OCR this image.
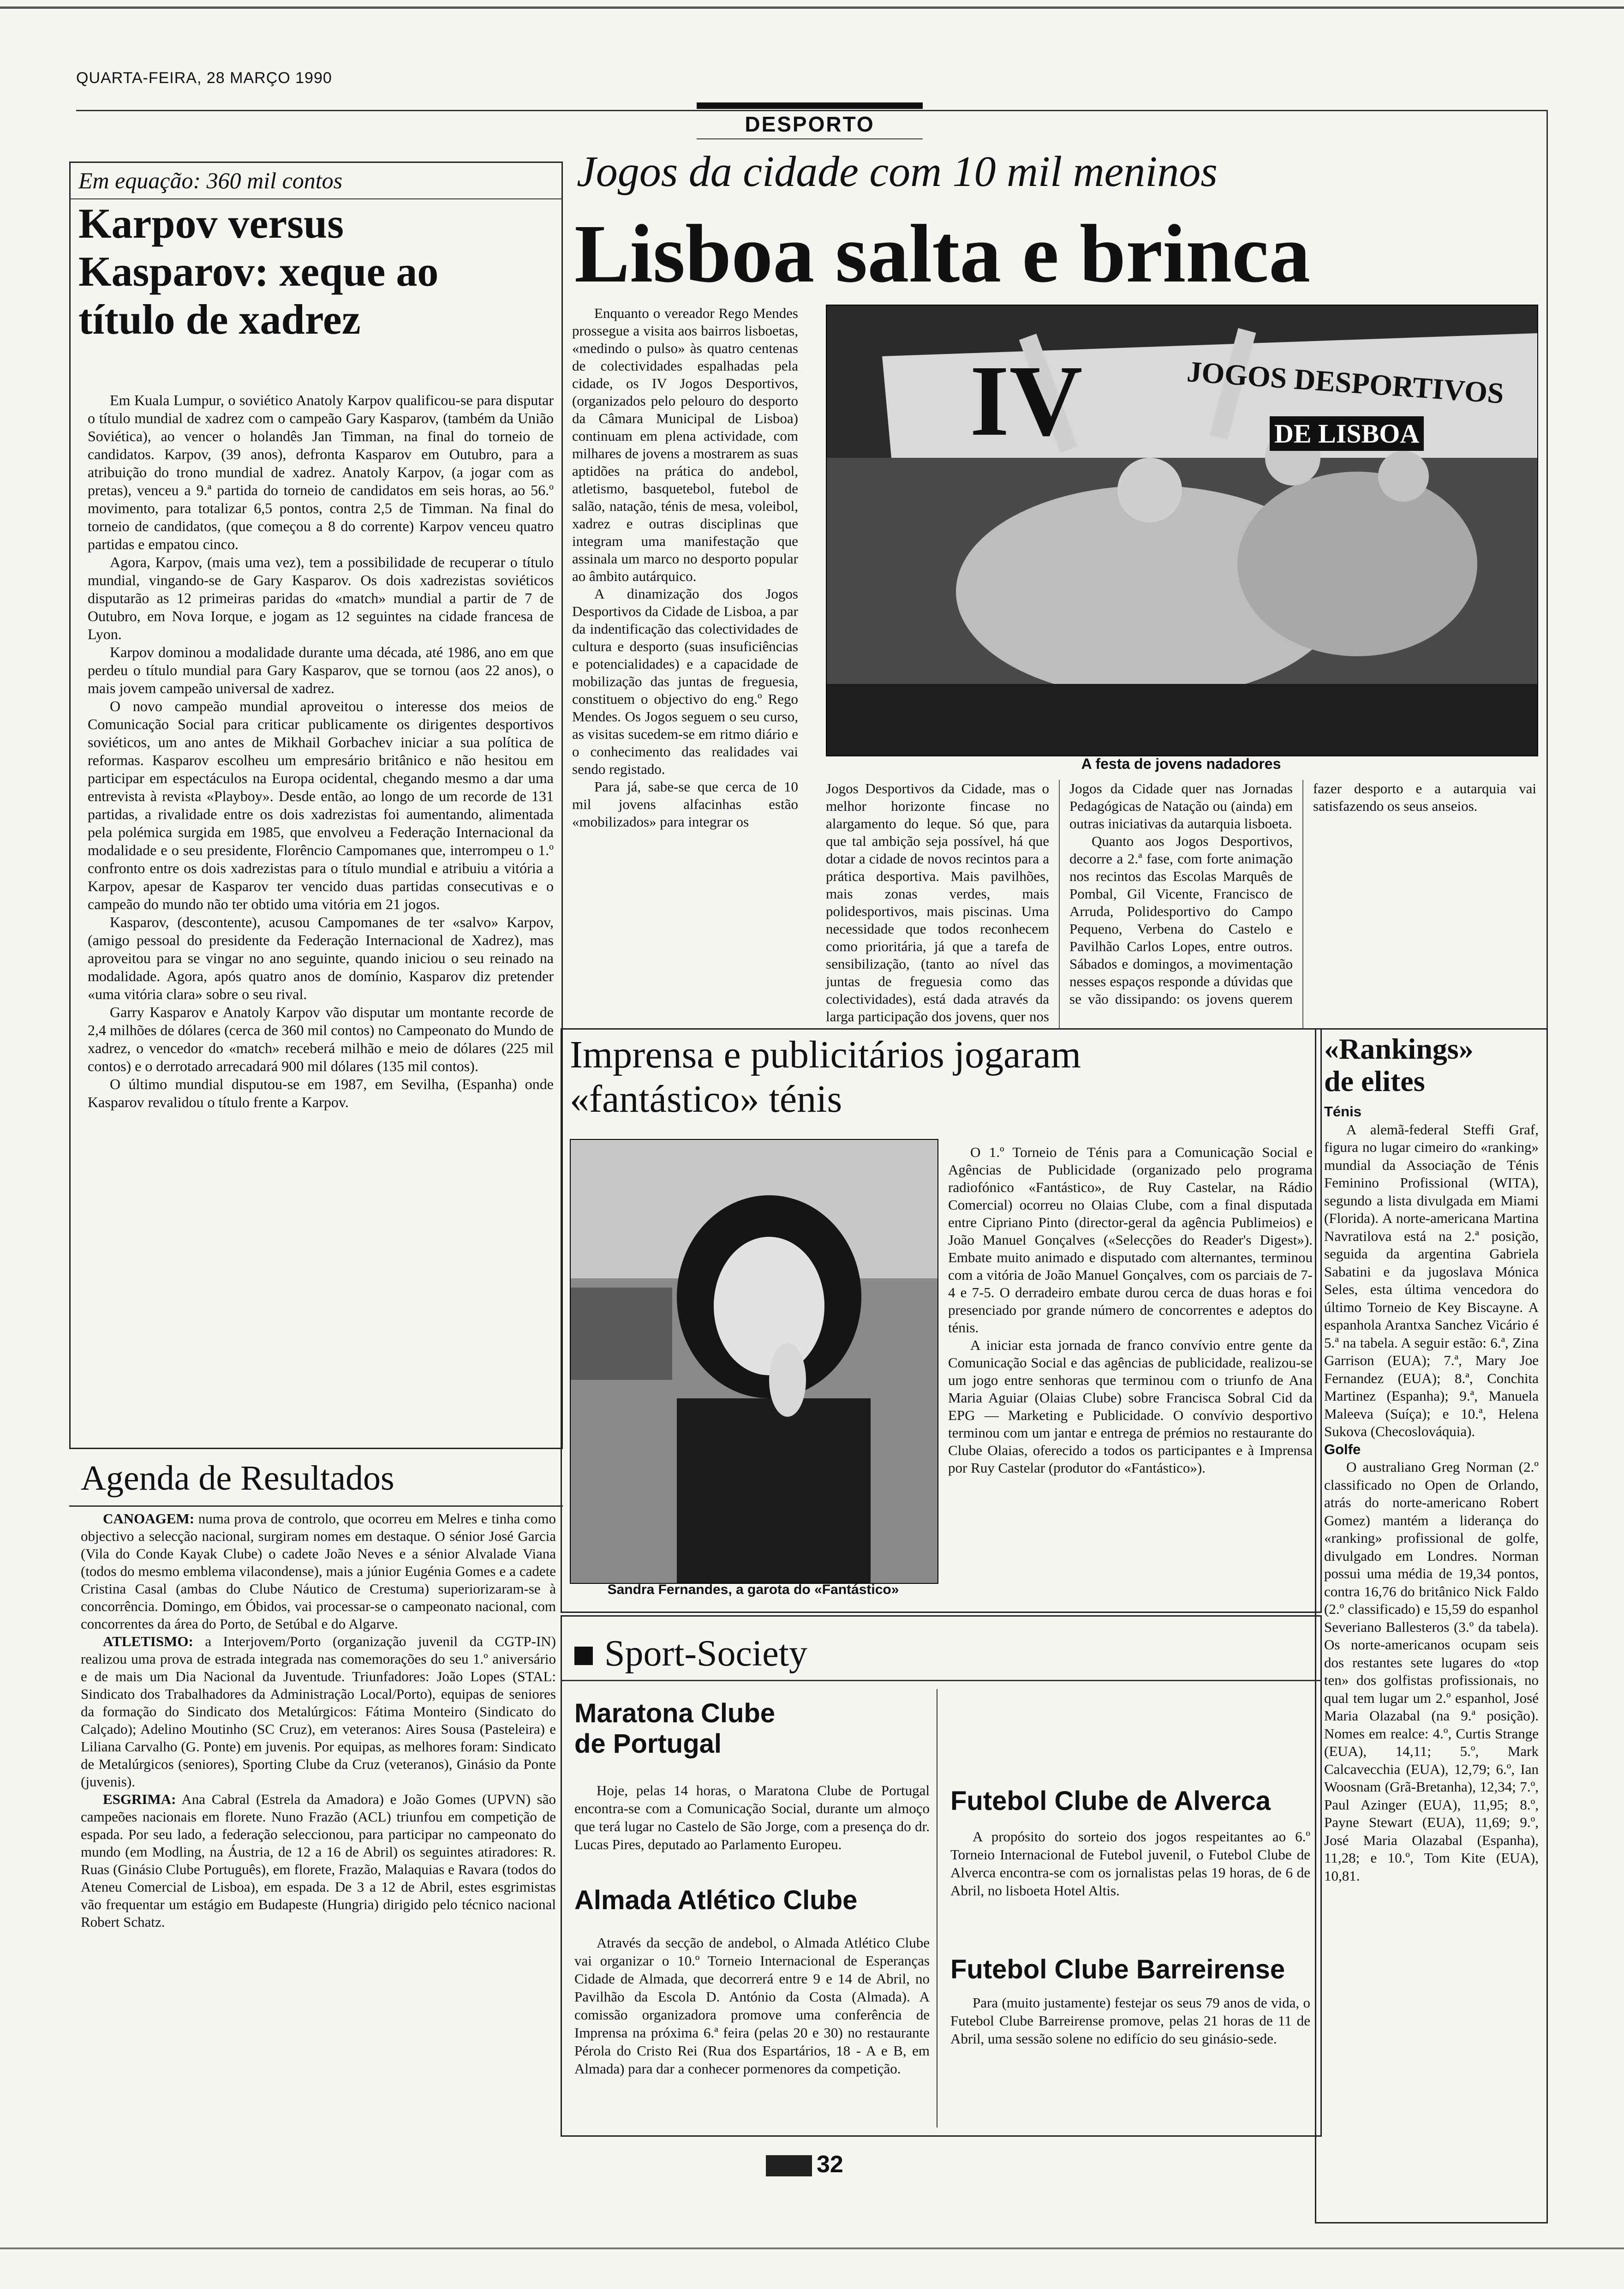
QUARTA-FEIRA, 28 MARÇO 1990
DESPORTO
Em equação: 360 mil contos
Karpov versus Kasparov: xeque ao título de xadrez

Em Kuala Lumpur, o soviético Anatoly Karpov qualificou-se para disputar o título mundial de xadrez com o campeão Gary Kasparov, (também da União Soviética), ao vencer o holandês Jan Timman, na final do torneio de candidatos. Karpov, (39 anos), defronta Kasparov em Outubro, para a atribuição do trono mundial de xadrez. Anatoly Karpov, (a jogar com as pretas), venceu a 9.ª partida do torneio de candidatos em seis horas, ao 56.º movimento, para totalizar 6,5 pontos, contra 2,5 de Timman. Na final do torneio de candidatos, (que começou a 8 do corrente) Karpov venceu quatro partidas e empatou cinco.

Agora, Karpov, (mais uma vez), tem a possibilidade de recuperar o título mundial, vingando-se de Gary Kasparov. Os dois xadrezistas soviéticos disputarão as 12 primeiras paridas do «match» mundial a partir de 7 de Outubro, em Nova Iorque, e jogam as 12 seguintes na cidade francesa de Lyon.

Karpov dominou a modalidade durante uma década, até 1986, ano em que perdeu o título mundial para Gary Kasparov, que se tornou (aos 22 anos), o mais jovem campeão universal de xadrez.

O novo campeão mundial aproveitou o interesse dos meios de Comunicação Social para criticar publicamente os dirigentes desportivos soviéticos, um ano antes de Mikhail Gorbachev iniciar a sua política de reformas. Kasparov escolheu um empresário britânico e não hesitou em participar em espectáculos na Europa ocidental, chegando mesmo a dar uma entrevista à revista «Playboy». Desde então, ao longo de um recorde de 131 partidas, a rivalidade entre os dois xadrezistas foi aumentando, alimentada pela polémica surgida em 1985, que envolveu a Federação Internacional da modalidade e o seu presidente, Florêncio Campomanes que, interrompeu o 1.º confronto entre os dois xadrezistas para o título mundial e atribuiu a vitória a Karpov, apesar de Kasparov ter vencido duas partidas consecutivas e o campeão do mundo não ter obtido uma vitória em 21 jogos.

Kasparov, (descontente), acusou Campomanes de ter «salvo» Karpov, (amigo pessoal do presidente da Federação Internacional de Xadrez), mas aproveitou para se vingar no ano seguinte, quando iniciou o seu reinado na modalidade. Agora, após quatro anos de domínio, Kasparov diz pretender «uma vitória clara» sobre o seu rival.

Garry Kasparov e Anatoly Karpov vão disputar um montante recorde de 2,4 milhões de dólares (cerca de 360 mil contos) no Campeonato do Mundo de xadrez, o vencedor do «match» receberá milhão e meio de dólares (225 mil contos) e o derrotado arrecadará 900 mil dólares (135 mil contos).

O último mundial disputou-se em 1987, em Sevilha, (Espanha) onde Kasparov revalidou o título frente a Karpov.

Agenda de Resultados

CANOAGEM: numa prova de controlo, que ocorreu em Melres e tinha como objectivo a selecção nacional, surgiram nomes em destaque. O sénior José Garcia (Vila do Conde Kayak Clube) o cadete João Neves e a sénior Alvalade Viana (todos do mesmo emblema vilacondense), mais a júnior Eugénia Gomes e a cadete Cristina Casal (ambas do Clube Náutico de Crestuma) superiorizaram-se à concorrência. Domingo, em Óbidos, vai processar-se o campeonato nacional, com concorrentes da área do Porto, de Setúbal e do Algarve.

ATLETISMO: a Interjovem/Porto (organização juvenil da CGTP-IN) realizou uma prova de estrada integrada nas comemorações do seu 1.º aniversário e de mais um Dia Nacional da Juventude. Triunfadores: João Lopes (STAL: Sindicato dos Trabalhadores da Administração Local/Porto), equipas de seniores da formação do Sindicato dos Metalúrgicos: Fátima Monteiro (Sindicato do Calçado); Adelino Moutinho (SC Cruz), em veteranos: Aires Sousa (Pasteleira) e Liliana Carvalho (G. Ponte) em juvenis. Por equipas, as melhores foram: Sindicato de Metalúrgicos (seniores), Sporting Clube da Cruz (veteranos), Ginásio da Ponte (juvenis).

ESGRIMA: Ana Cabral (Estrela da Amadora) e João Gomes (UPVN) são campeões nacionais em florete. Nuno Frazão (ACL) triunfou em competição de espada. Por seu lado, a federação seleccionou, para participar no campeonato do mundo (em Modling, na Áustria, de 12 a 16 de Abril) os seguintes atiradores: R. Ruas (Ginásio Clube Português), em florete, Frazão, Malaquias e Ravara (todos do Ateneu Comercial de Lisboa), em espada. De 3 a 12 de Abril, estes esgrimistas vão frequentar um estágio em Budapeste (Hungria) dirigido pelo técnico nacional Robert Schatz.

Jogos da cidade com 10 mil meninos
Lisboa salta e brinca

Enquanto o vereador Rego Mendes prossegue a visita aos bairros lisboetas, «medindo o pulso» às quatro centenas de colectividades espalhadas pela cidade, os IV Jogos Desportivos, (organizados pelo pelouro do desporto da Câmara Municipal de Lisboa) continuam em plena actividade, com milhares de jovens a mostrarem as suas aptidões na prática do andebol, atletismo, basquetebol, futebol de salão, natação, ténis de mesa, voleibol, xadrez e outras disciplinas que integram uma manifestação que assinala um marco no desporto popular ao âmbito autárquico.

A dinamização dos Jogos Desportivos da Cidade de Lisboa, a par da indentificação das colectividades de cultura e desporto (suas insuficiências e potencialidades) e a capacidade de mobilização das juntas de freguesia, constituem o objectivo do eng.º Rego Mendes. Os Jogos seguem o seu curso, as visitas sucedem-se em ritmo diário e o conhecimento das realidades vai sendo registado.

Para já, sabe-se que cerca de 10 mil jovens alfacinhas estão «mobilizados» para integrar os

IV	JOGOS DESPORTIVOS
DE LISBOA
A festa de jovens nadadores

Jogos Desportivos da Cidade, mas o melhor horizonte fincase no alargamento do leque. Só que, para que tal ambição seja possível, há que dotar a cidade de novos recintos para a prática desportiva. Mais pavilhões, mais zonas verdes, mais polidesportivos, mais piscinas. Uma necessidade que todos reconhecem como prioritária, já que a tarefa de sensibilização, (tanto ao nível das juntas de freguesia como das colectividades), está dada através da larga participação dos jovens, quer nos Jogos da Cidade quer nas Jornadas Pedagógicas de Natação ou (ainda) em outras iniciativas da autarquia lisboeta.

Quanto aos Jogos Desportivos, decorre a 2.ª fase, com forte animação nos recintos das Escolas Marquês de Pombal, Gil Vicente, Francisco de Arruda, Polidesportivo do Campo Pequeno, Verbena do Castelo e Pavilhão Carlos Lopes, entre outros. Sábados e domingos, a movimentação nesses espaços responde a dúvidas que se vão dissipando: os jovens querem fazer desporto e a autarquia vai satisfazendo os seus anseios.

Imprensa e publicitários jogaram «fantástico» ténis
Sandra Fernandes, a garota do «Fantástico»

O 1.º Torneio de Ténis para a Comunicação Social e Agências de Publicidade (organizado pelo programa radiofónico «Fantástico», de Ruy Castelar, na Rádio Comercial) ocorreu no Olaias Clube, com a final disputada entre Cipriano Pinto (director-geral da agência Publimeios) e João Manuel Gonçalves («Selecções do Reader's Digest»). Embate muito animado e disputado com alternantes, terminou com a vitória de João Manuel Gonçalves, com os parciais de 7-4 e 7-5. O derradeiro embate durou cerca de duas horas e foi presenciado por grande número de concorrentes e adeptos do ténis.

A iniciar esta jornada de franco convívio entre gente da Comunicação Social e das agências de publicidade, realizou-se um jogo entre senhoras que terminou com o triunfo de Ana Maria Aguiar (Olaias Clube) sobre Francisca Sobral Cid da EPG — Marketing e Publicidade. O convívio desportivo terminou com um jantar e entrega de prémios no restaurante do Clube Olaias, oferecido a todos os participantes e à Imprensa por Ruy Castelar (produtor do «Fantástico»).

«Rankings» de elites
Ténis

A alemã-federal Steffi Graf, figura no lugar cimeiro do «ranking» mundial da Associação de Ténis Feminino Profissional (WITA), segundo a lista divulgada em Miami (Florida). A norte-americana Martina Navratilova está na 2.ª posição, seguida da argentina Gabriela Sabatini e da jugoslava Mónica Seles, esta última vencedora do último Torneio de Key Biscayne. A espanhola Arantxa Sanchez Vicário é 5.ª na tabela. A seguir estão: 6.ª, Zina Garrison (EUA); 7.ª, Mary Joe Fernandez (EUA); 8.ª, Conchita Martinez (Espanha); 9.ª, Manuela Maleeva (Suíça); e 10.ª, Helena Sukova (Checoslováquia).

Golfe

O australiano Greg Norman (2.º classificado no Open de Orlando, atrás do norte-americano Robert Gomez) mantém a liderança do «ranking» profissional de golfe, divulgado em Londres. Norman possui uma média de 19,34 pontos, contra 16,76 do britânico Nick Faldo (2.º classificado) e 15,59 do espanhol Severiano Ballesteros (3.º da tabela). Os norte-americanos ocupam seis dos restantes sete lugares do «top ten» dos golfistas profissionais, no qual tem lugar um 2.º espanhol, José Maria Olazabal (na 9.ª posição). Nomes em realce: 4.º, Curtis Strange (EUA), 14,11; 5.º, Mark Calcavecchia (EUA), 12,79; 6.º, Ian Woosnam (Grã-Bretanha), 12,34; 7.º, Paul Azinger (EUA), 11,95; 8.º, Payne Stewart (EUA), 11,69; 9.º, José Maria Olazabal (Espanha), 11,28; e 10.º, Tom Kite (EUA), 10,81.

Sport-Society
Maratona Clube de Portugal
Hoje, pelas 14 horas, o Maratona Clube de Portugal encontra-se com a Comunicação Social, durante um almoço que terá lugar no Castelo de São Jorge, com a presença do dr. Lucas Pires, deputado ao Parlamento Europeu.
Almada Atlético Clube
Através da secção de andebol, o Almada Atlético Clube vai organizar o 10.º Torneio Internacional de Esperanças Cidade de Almada, que decorrerá entre 9 e 14 de Abril, no Pavilhão da Escola D. António da Costa (Almada). A comissão organizadora promove uma conferência de Imprensa na próxima 6.ª feira (pelas 20 e 30) no restaurante Pérola do Cristo Rei (Rua dos Espartários, 18 - A e B, em Almada) para dar a conhecer pormenores da competição.
Futebol Clube de Alverca
A propósito do sorteio dos jogos respeitantes ao 6.º Torneio Internacional de Futebol juvenil, o Futebol Clube de Alverca encontra-se com os jornalistas pelas 19 horas, de 6 de Abril, no lisboeta Hotel Altis.
Futebol Clube Barreirense
Para (muito justamente) festejar os seus 79 anos de vida, o Futebol Clube Barreirense promove, pelas 21 horas de 11 de Abril, uma sessão solene no edifício do seu ginásio-sede.
32
